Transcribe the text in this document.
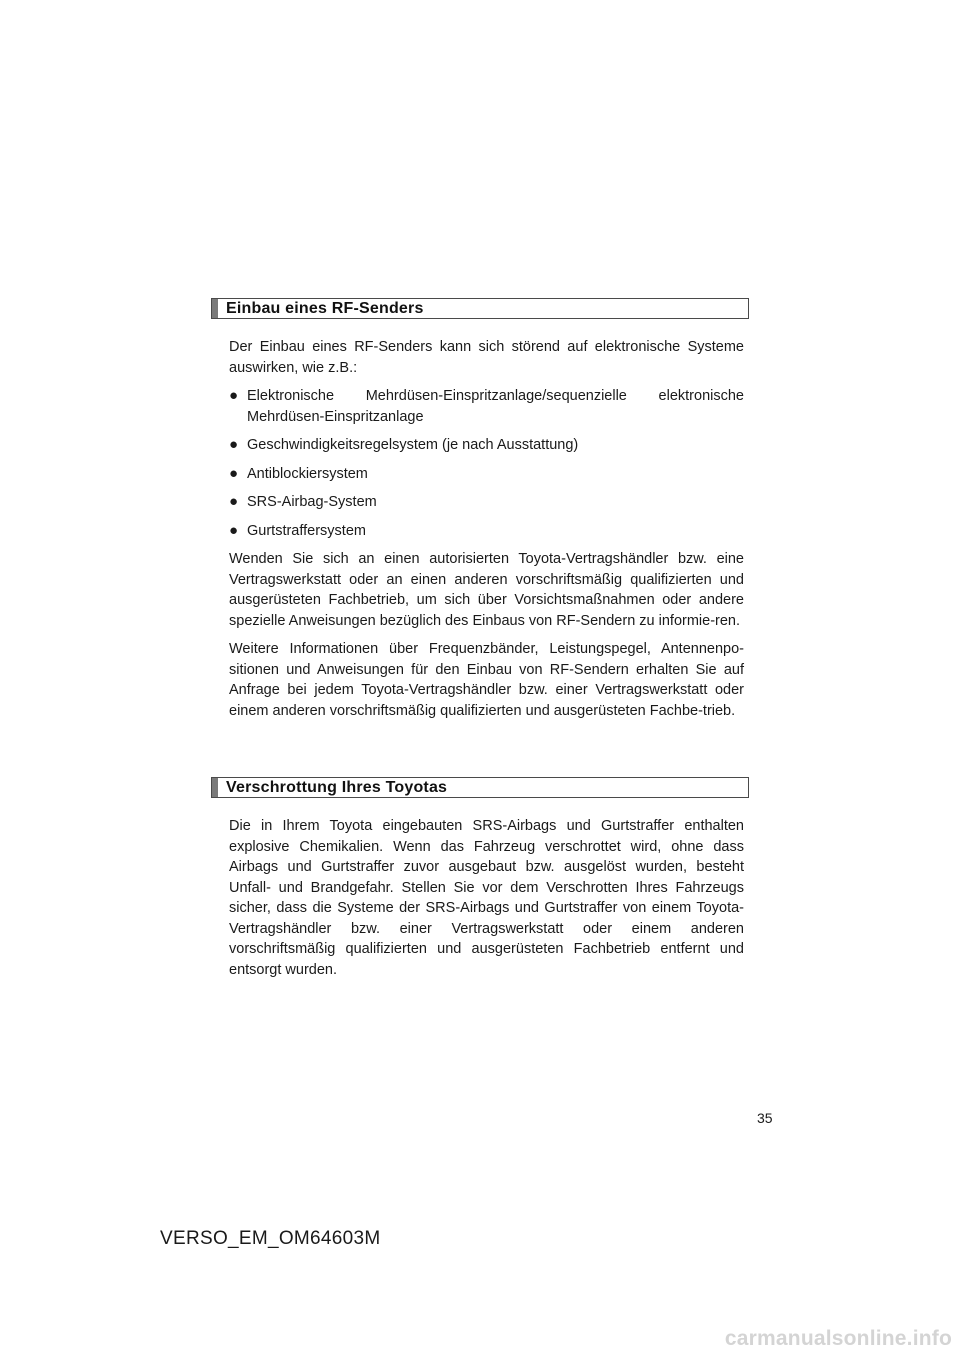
Einbau eines RF-Senders

Der Einbau eines RF-Senders kann sich störend auf elektronische Systeme auswirken, wie z.B.:

● Elektronische Mehrdüsen-Einspritzanlage/sequenzielle elektronische Mehrdüsen-Einspritzanlage
● Geschwindigkeitsregelsystem (je nach Ausstattung)
● Antiblockiersystem
● SRS-Airbag-System
● Gurtstraffersystem

Wenden Sie sich an einen autorisierten Toyota-Vertragshändler bzw. eine Vertragswerkstatt oder an einen anderen vorschriftsmäßig qualifizierten und ausgerüsteten Fachbetrieb, um sich über Vorsichtsmaßnahmen oder andere spezielle Anweisungen bezüglich des Einbaus von RF-Sendern zu informie-ren.

Weitere Informationen über Frequenzbänder, Leistungspegel, Antennenpo-sitionen und Anweisungen für den Einbau von RF-Sendern erhalten Sie auf Anfrage bei jedem Toyota-Vertragshändler bzw. einer Vertragswerkstatt oder einem anderen vorschriftsmäßig qualifizierten und ausgerüsteten Fachbe-trieb.

Verschrottung Ihres Toyotas

Die in Ihrem Toyota eingebauten SRS-Airbags und Gurtstraffer enthalten explosive Chemikalien. Wenn das Fahrzeug verschrottet wird, ohne dass Airbags und Gurtstraffer zuvor ausgebaut bzw. ausgelöst wurden, besteht Unfall- und Brandgefahr. Stellen Sie vor dem Verschrotten Ihres Fahrzeugs sicher, dass die Systeme der SRS-Airbags und Gurtstraffer von einem Toyota-Vertragshändler bzw. einer Vertragswerkstatt oder einem anderen vorschriftsmäßig qualifizierten und ausgerüsteten Fachbetrieb entfernt und entsorgt wurden.

35
VERSO_EM_OM64603M
carmanualsonline.info
